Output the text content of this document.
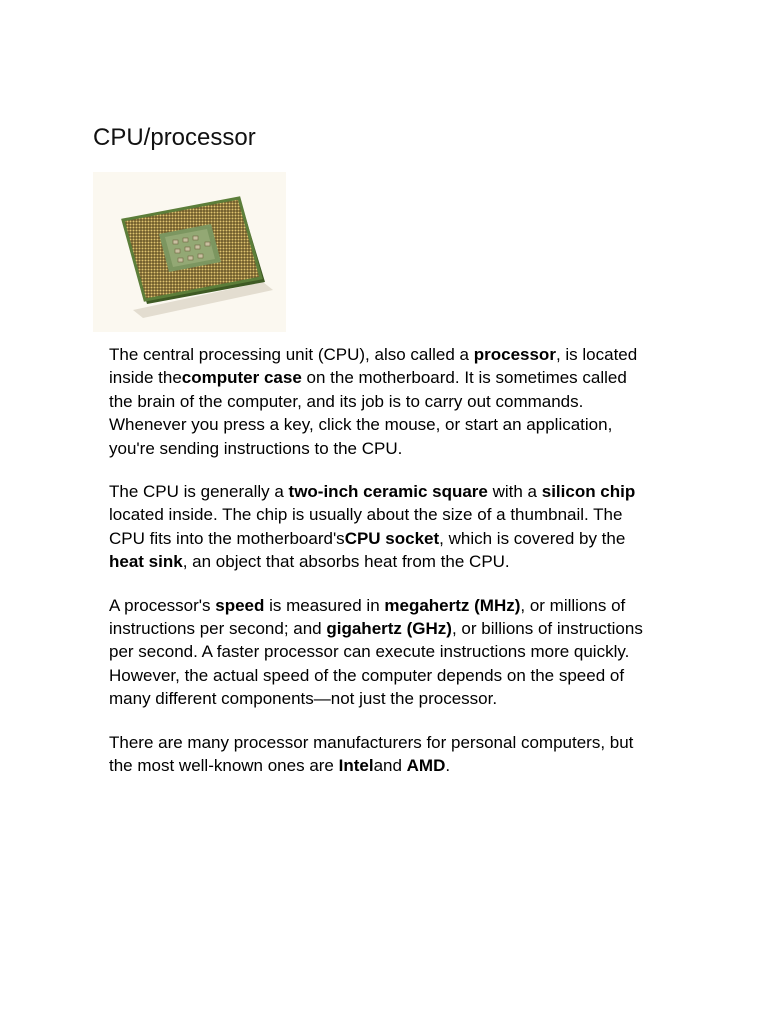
CPU/processor

The central processing unit (CPU), also called a processor, is located inside thecomputer case on the motherboard. It is sometimes called the brain of the computer, and its job is to carry out commands. Whenever you press a key, click the mouse, or start an application, you're sending instructions to the CPU.

The CPU is generally a two-inch ceramic square with a silicon chip located inside. The chip is usually about the size of a thumbnail. The CPU fits into the motherboard'sCPU socket, which is covered by the heat sink, an object that absorbs heat from the CPU.

A processor's speed is measured in megahertz (MHz), or millions of instructions per second; and gigahertz (GHz), or billions of instructions per second. A faster processor can execute instructions more quickly. However, the actual speed of the computer depends on the speed of many different components—not just the processor.

There are many processor manufacturers for personal computers, but the most well-known ones are Inteland AMD.
